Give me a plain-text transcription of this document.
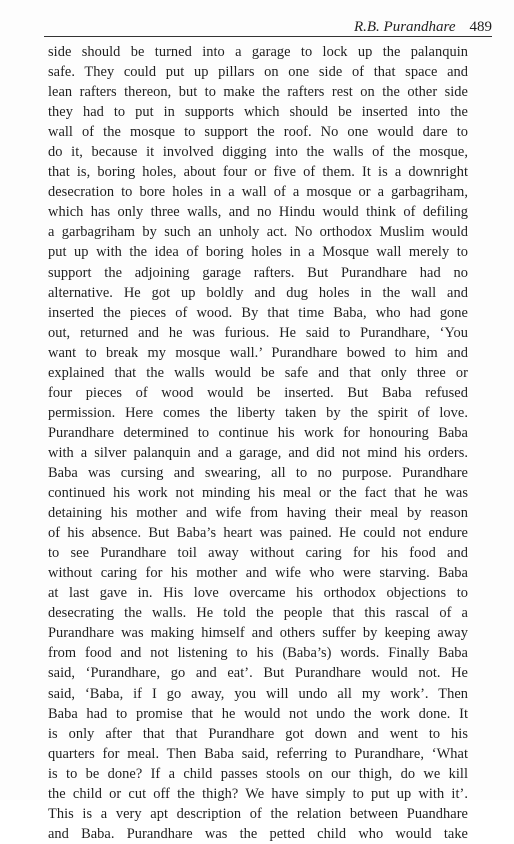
R.B. Purandhare 489
side should be turned into a garage to lock up the palanquin
safe. They could put up pillars on one side of that space and
lean rafters thereon, but to make the rafters rest on the other side
they had to put in supports which should be inserted into the
wall of the mosque to support the roof. No one would dare to
do it, because it involved digging into the walls of the mosque,
that is, boring holes, about four or five of them. It is a downright
desecration to bore holes in a wall of a mosque or a garbagriham,
which has only three walls, and no Hindu would think of defiling
a garbagriham by such an unholy act. No orthodox Muslim would
put up with the idea of boring holes in a Mosque wall merely to
support the adjoining garage rafters. But Purandhare had no
alternative. He got up boldly and dug holes in the wall and
inserted the pieces of wood. By that time Baba, who had gone
out, returned and he was furious. He said to Purandhare, ‘You
want to break my mosque wall.’ Purandhare bowed to him and
explained that the walls would be safe and that only three or
four pieces of wood would be inserted. But Baba refused
permission. Here comes the liberty taken by the spirit of love.
Purandhare determined to continue his work for honouring Baba
with a silver palanquin and a garage, and did not mind his orders.
Baba was cursing and swearing, all to no purpose. Purandhare
continued his work not minding his meal or the fact that he was
detaining his mother and wife from having their meal by reason
of his absence. But Baba’s heart was pained. He could not endure
to see Purandhare toil away without caring for his food and
without caring for his mother and wife who were starving. Baba
at last gave in. His love overcame his orthodox objections to
desecrating the walls. He told the people that this rascal of a
Purandhare was making himself and others suffer by keeping away
from food and not listening to his (Baba’s) words. Finally Baba
said, ‘Purandhare, go and eat’. But Purandhare would not. He
said, ‘Baba, if I go away, you will undo all my work’. Then
Baba had to promise that he would not undo the work done. It
is only after that that Purandhare got down and went to his
quarters for meal. Then Baba said, referring to Purandhare, ‘What
is to be done? If a child passes stools on our thigh, do we kill
the child or cut off the thigh? We have simply to put up with it’.
This is a very apt description of the relation between Puandhare
and Baba. Purandhare was the petted child who would take
